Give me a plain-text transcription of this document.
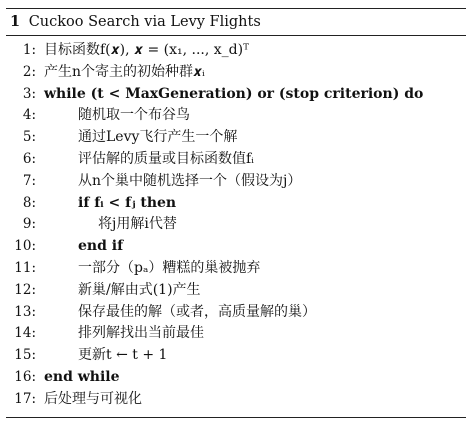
1 Cuckoo Search via Levy Flights
1: 目标函数f(𝒙), 𝒙 = (x₁, ..., x_d)ᵀ
2: 产生n个寄主的初始种群𝒙ᵢ
3: while (t < MaxGeneration) or (stop criterion) do
4:	随机取一个布谷鸟
5:	通过Levy飞行产生一个解
6:	评估解的质量或目标函数值fᵢ
7:	从n个巢中随机选择一个（假设为j）
8:	if fᵢ < fⱼ then
9:	将j用解i代替
10:	end if
11:	一部分（pₐ）糟糕的巢被抛弃
12:	新巢/解由式(1)产生
13:	保存最佳的解（或者，高质量解的巢）
14:	排列解找出当前最佳
15:	更新t ← t + 1
16: end while
17: 后处理与可视化
